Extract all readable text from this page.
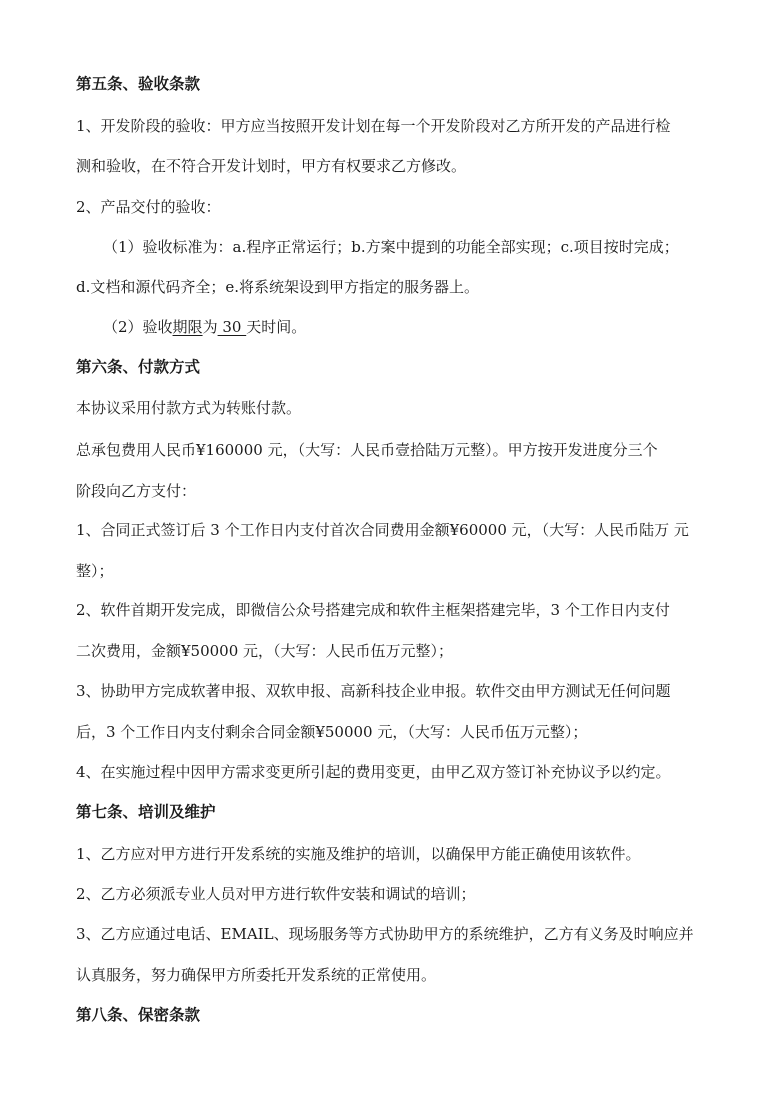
第五条、验收条款
1、开发阶段的验收：甲方应当按照开发计划在每一个开发阶段对乙方所开发的产品进行检
测和验收，在不符合开发计划时，甲方有权要求乙方修改。
2、产品交付的验收：
（1）验收标准为：a.程序正常运行；b.方案中提到的功能全部实现；c.项目按时完成；
d.文档和源代码齐全；e.将系统架设到甲方指定的服务器上。
（2）验收期限为 30 天时间。
第六条、付款方式
本协议采用付款方式为转账付款。
总承包费用人民币¥160000 元，（大写：人民币壹拾陆万元整）。甲方按开发进度分三个
阶段向乙方支付：
1、合同正式签订后 3 个工作日内支付首次合同费用金额¥60000 元，（大写：人民币陆万 元
整）；
2、软件首期开发完成，即微信公众号搭建完成和软件主框架搭建完毕，3 个工作日内支付
二次费用，金额¥50000 元，（大写：人民币伍万元整）；
3、协助甲方完成软著申报、双软申报、高新科技企业申报。软件交由甲方测试无任何问题
后，3 个工作日内支付剩余合同金额¥50000 元，（大写：人民币伍万元整）；
4、在实施过程中因甲方需求变更所引起的费用变更，由甲乙双方签订补充协议予以约定。
第七条、培训及维护
1、乙方应对甲方进行开发系统的实施及维护的培训，以确保甲方能正确使用该软件。
2、乙方必须派专业人员对甲方进行软件安装和调试的培训；
3、乙方应通过电话、EMAIL、现场服务等方式协助甲方的系统维护，乙方有义务及时响应并
认真服务，努力确保甲方所委托开发系统的正常使用。
第八条、保密条款
